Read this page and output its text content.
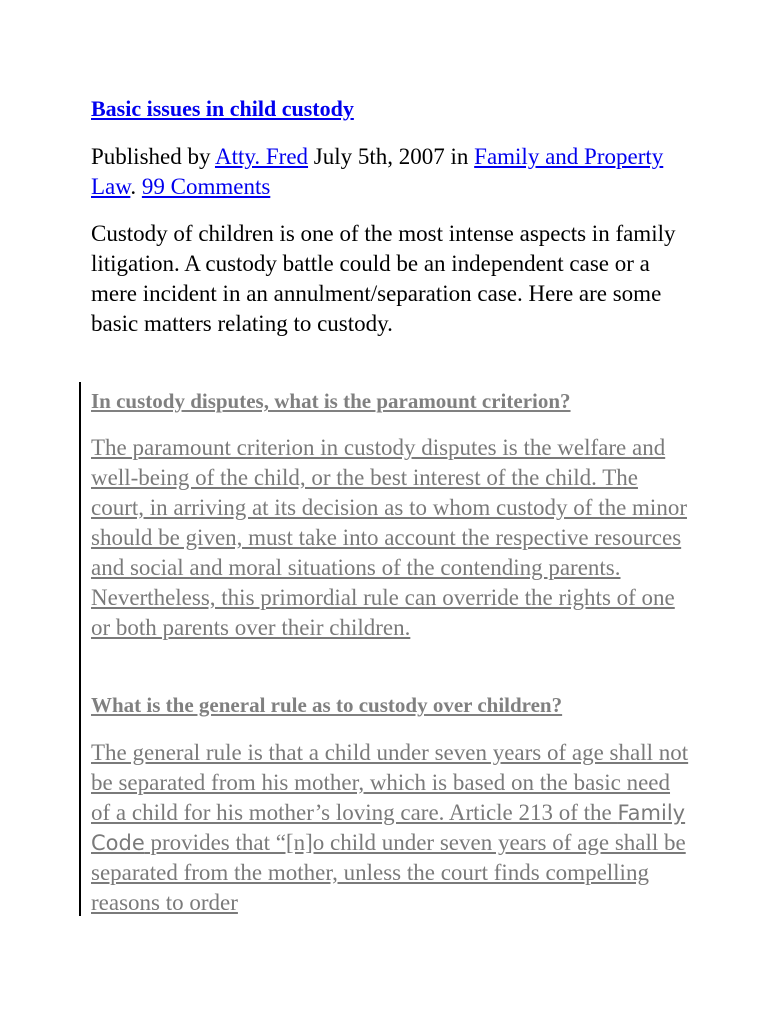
Basic issues in child custody

Published by Atty. Fred July 5th, 2007 in Family and Property Law. 99 Comments

Custody of children is one of the most intense aspects in family litigation. A custody battle could be an independent case or a mere incident in an annulment/separation case. Here are some basic matters relating to custody.

In custody disputes, what is the paramount criterion?

The paramount criterion in custody disputes is the welfare and well-being of the child, or the best interest of the child. The court, in arriving at its decision as to whom custody of the minor should be given, must take into account the respective resources and social and moral situations of the contending parents. Nevertheless, this primordial rule can override the rights of one or both parents over their children.

What is the general rule as to custody over children?

The general rule is that a child under seven years of age shall not be separated from his mother, which is based on the basic need of a child for his mother’s loving care. Article 213 of the Family Code provides that “[n]o child under seven years of age shall be separated from the mother, unless the court finds compelling reasons to order
